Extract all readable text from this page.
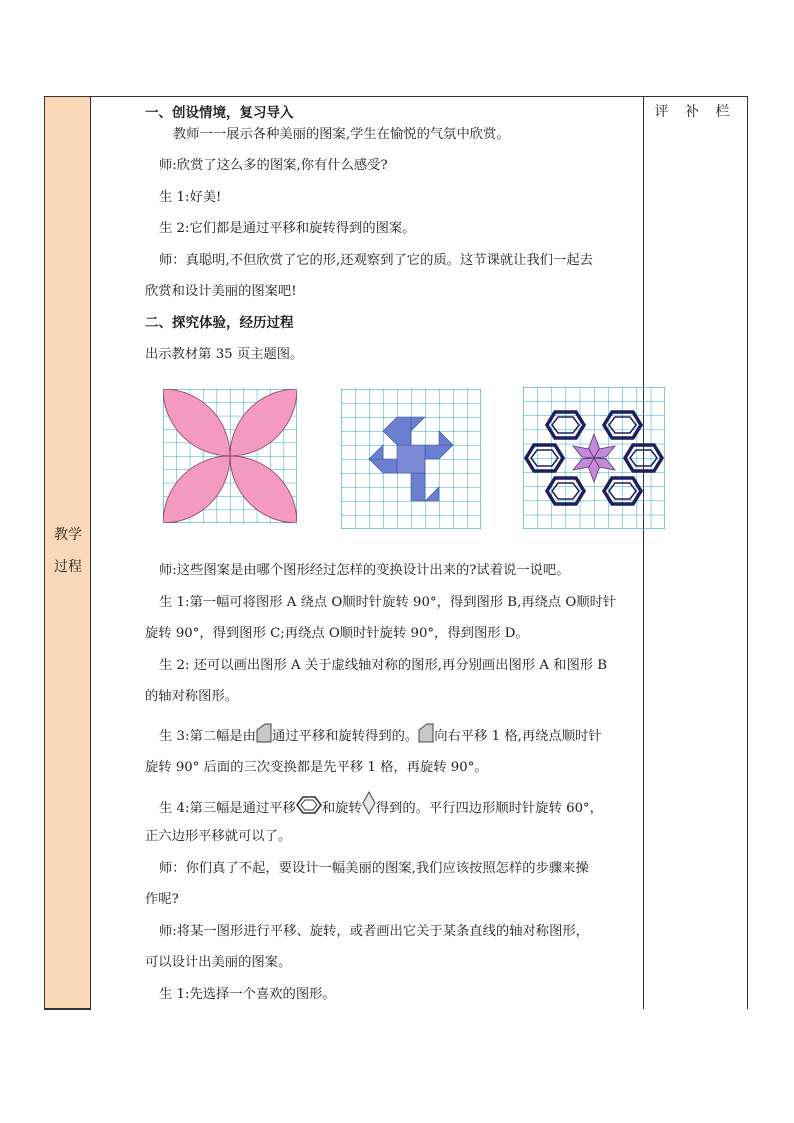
教学
过程
一、创设情境，复习导入
教师一一展示各种美丽的图案,学生在愉悦的气氛中欣赏。
师:欣赏了这么多的图案,你有什么感受?
生 1:好美!
生 2:它们都是通过平移和旋转得到的图案。
师：真聪明,不但欣赏了它的形,还观察到了它的质。这节课就让我们一起去
欣赏和设计美丽的图案吧!
二、探究体验，经历过程
出示教材第 35 页主题图。
师:这些图案是由哪个图形经过怎样的变换设计出来的?试着说一说吧。
生 1:第一幅可将图形 A 绕点 O顺时针旋转 90°，得到图形 B,再绕点 O顺时针
旋转 90°，得到图形 C;再绕点 O顺时针旋转 90°，得到图形 D。
生 2: 还可以画出图形 A 关于虚线轴对称的图形,再分别画出图形 A 和图形 B
的轴对称图形。
生 3:第二幅是由 通过平移和旋转得到的。 向右平移 1 格,再绕点顺时针
旋转 90° 后面的三次变换都是先平移 1 格，再旋转 90°。
生 4:第三幅是通过平移 和旋转 得到的。平行四边形顺时针旋转 60°，
正六边形平移就可以了。
师：你们真了不起，要设计一幅美丽的图案,我们应该按照怎样的步骤来操
作呢?
师:将某一图形进行平移、旋转，或者画出它关于某条直线的轴对称图形，
可以设计出美丽的图案。
生 1:先选择一个喜欢的图形。
评 补 栏
